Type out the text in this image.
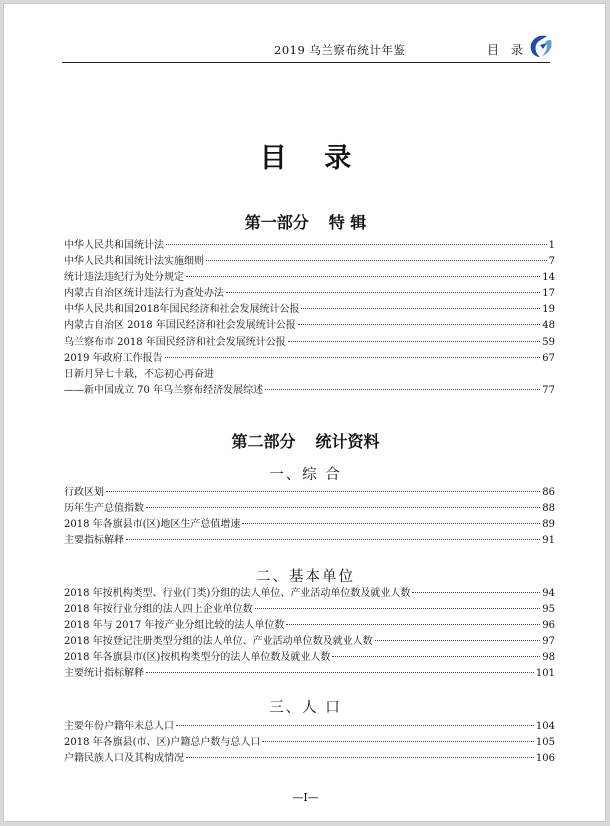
2019 乌兰察布统计年鉴	目 录
目 录
第一部分 特 辑
中华人民共和国统计法	1
中华人民共和国统计法实施细则	7
统计违法违纪行为处分规定	14
内蒙古自治区统计违法行为查处办法	17
中华人民共和国2018年国民经济和社会发展统计公报	19
内蒙古自治区 2018 年国民经济和社会发展统计公报	48
乌兰察布市 2018 年国民经济和社会发展统计公报	59
2019 年政府工作报告	67
日新月异七十载，不忘初心再奋进
——新中国成立 70 年乌兰察布经济发展综述	77
第二部分 统计资料
一、综 合
行政区划	86
历年生产总值指数	88
2018 年各旗县市(区)地区生产总值增速	89
主要指标解释	91
二、基本单位
2018 年按机构类型、行业(门类)分组的法人单位、产业活动单位数及就业人数	94
2018 年按行业分组的法人四上企业单位数	95
2018 年与 2017 年按产业分组比较的法人单位数	96
2018 年按登记注册类型分组的法人单位、产业活动单位数及就业人数	97
2018 年各旗县市(区)按机构类型分的法人单位数及就业人数	98
主要统计指标解释	101
三、人 口
主要年份户籍年末总人口	104
2018 年各旗县(市、区)户籍总户数与总人口	105
户籍民族人口及其构成情况	106
—I—
